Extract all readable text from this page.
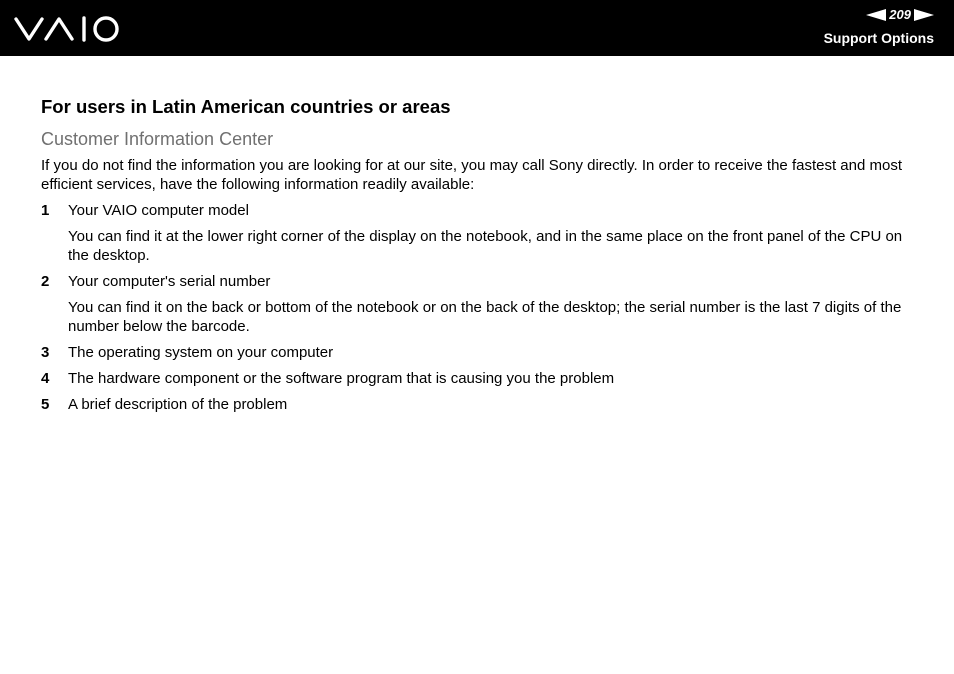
209
Support Options
For users in Latin American countries or areas
Customer Information Center

If you do not find the information you are looking for at our site, you may call Sony directly. In order to receive the fastest and most efficient services, have the following information readily available:

1 Your VAIO computer model
You can find it at the lower right corner of the display on the notebook, and in the same place on the front panel of the CPU on the desktop.
2 Your computer's serial number
You can find it on the back or bottom of the notebook or on the back of the desktop; the serial number is the last 7 digits of the number below the barcode.
3 The operating system on your computer
4 The hardware component or the software program that is causing you the problem
5 A brief description of the problem
